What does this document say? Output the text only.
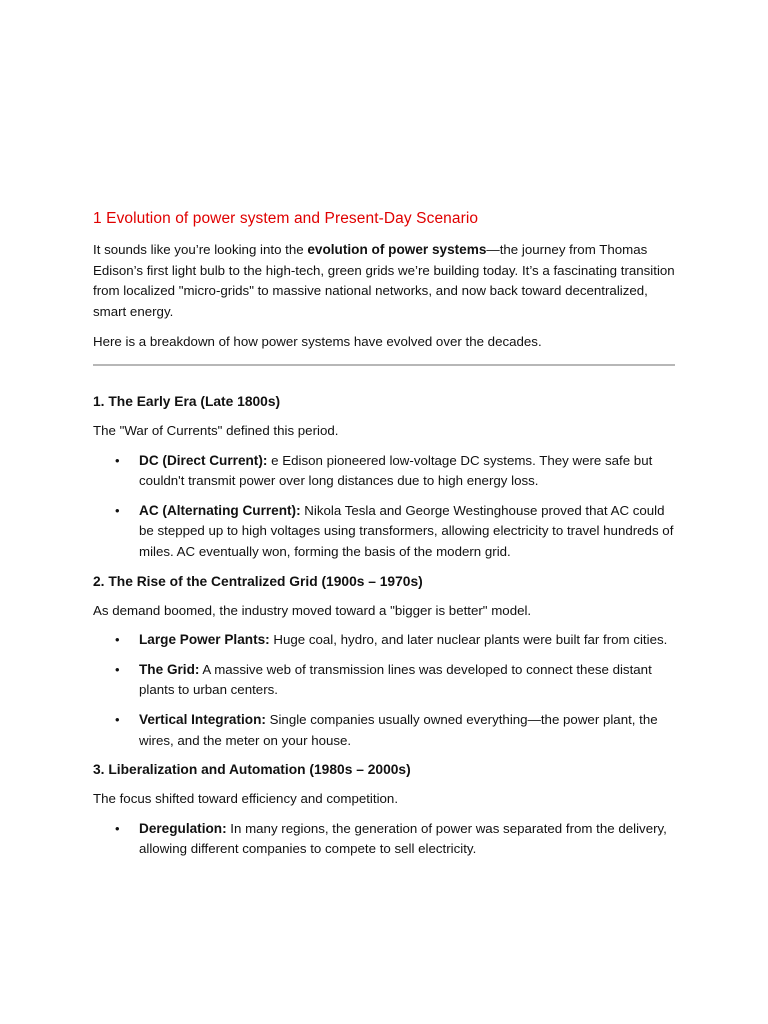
1 Evolution of power system and Present-Day Scenario

It sounds like you’re looking into the evolution of power systems—the journey from Thomas Edison’s first light bulb to the high-tech, green grids we’re building today. It’s a fascinating transition from localized "micro-grids" to massive national networks, and now back toward decentralized, smart energy.

Here is a breakdown of how power systems have evolved over the decades.

1. The Early Era (Late 1800s)

The "War of Currents" defined this period.

• DC (Direct Current): e Edison pioneered low-voltage DC systems. They were safe but couldn't transmit power over long distances due to high energy loss.
• AC (Alternating Current): Nikola Tesla and George Westinghouse proved that AC could be stepped up to high voltages using transformers, allowing electricity to travel hundreds of miles. AC eventually won, forming the basis of the modern grid.
2. The Rise of the Centralized Grid (1900s – 1970s)

As demand boomed, the industry moved toward a "bigger is better" model.

• Large Power Plants: Huge coal, hydro, and later nuclear plants were built far from cities.
• The Grid: A massive web of transmission lines was developed to connect these distant plants to urban centers.
• Vertical Integration: Single companies usually owned everything—the power plant, the wires, and the meter on your house.
3. Liberalization and Automation (1980s – 2000s)

The focus shifted toward efficiency and competition.

• Deregulation: In many regions, the generation of power was separated from the delivery, allowing different companies to compete to sell electricity.
